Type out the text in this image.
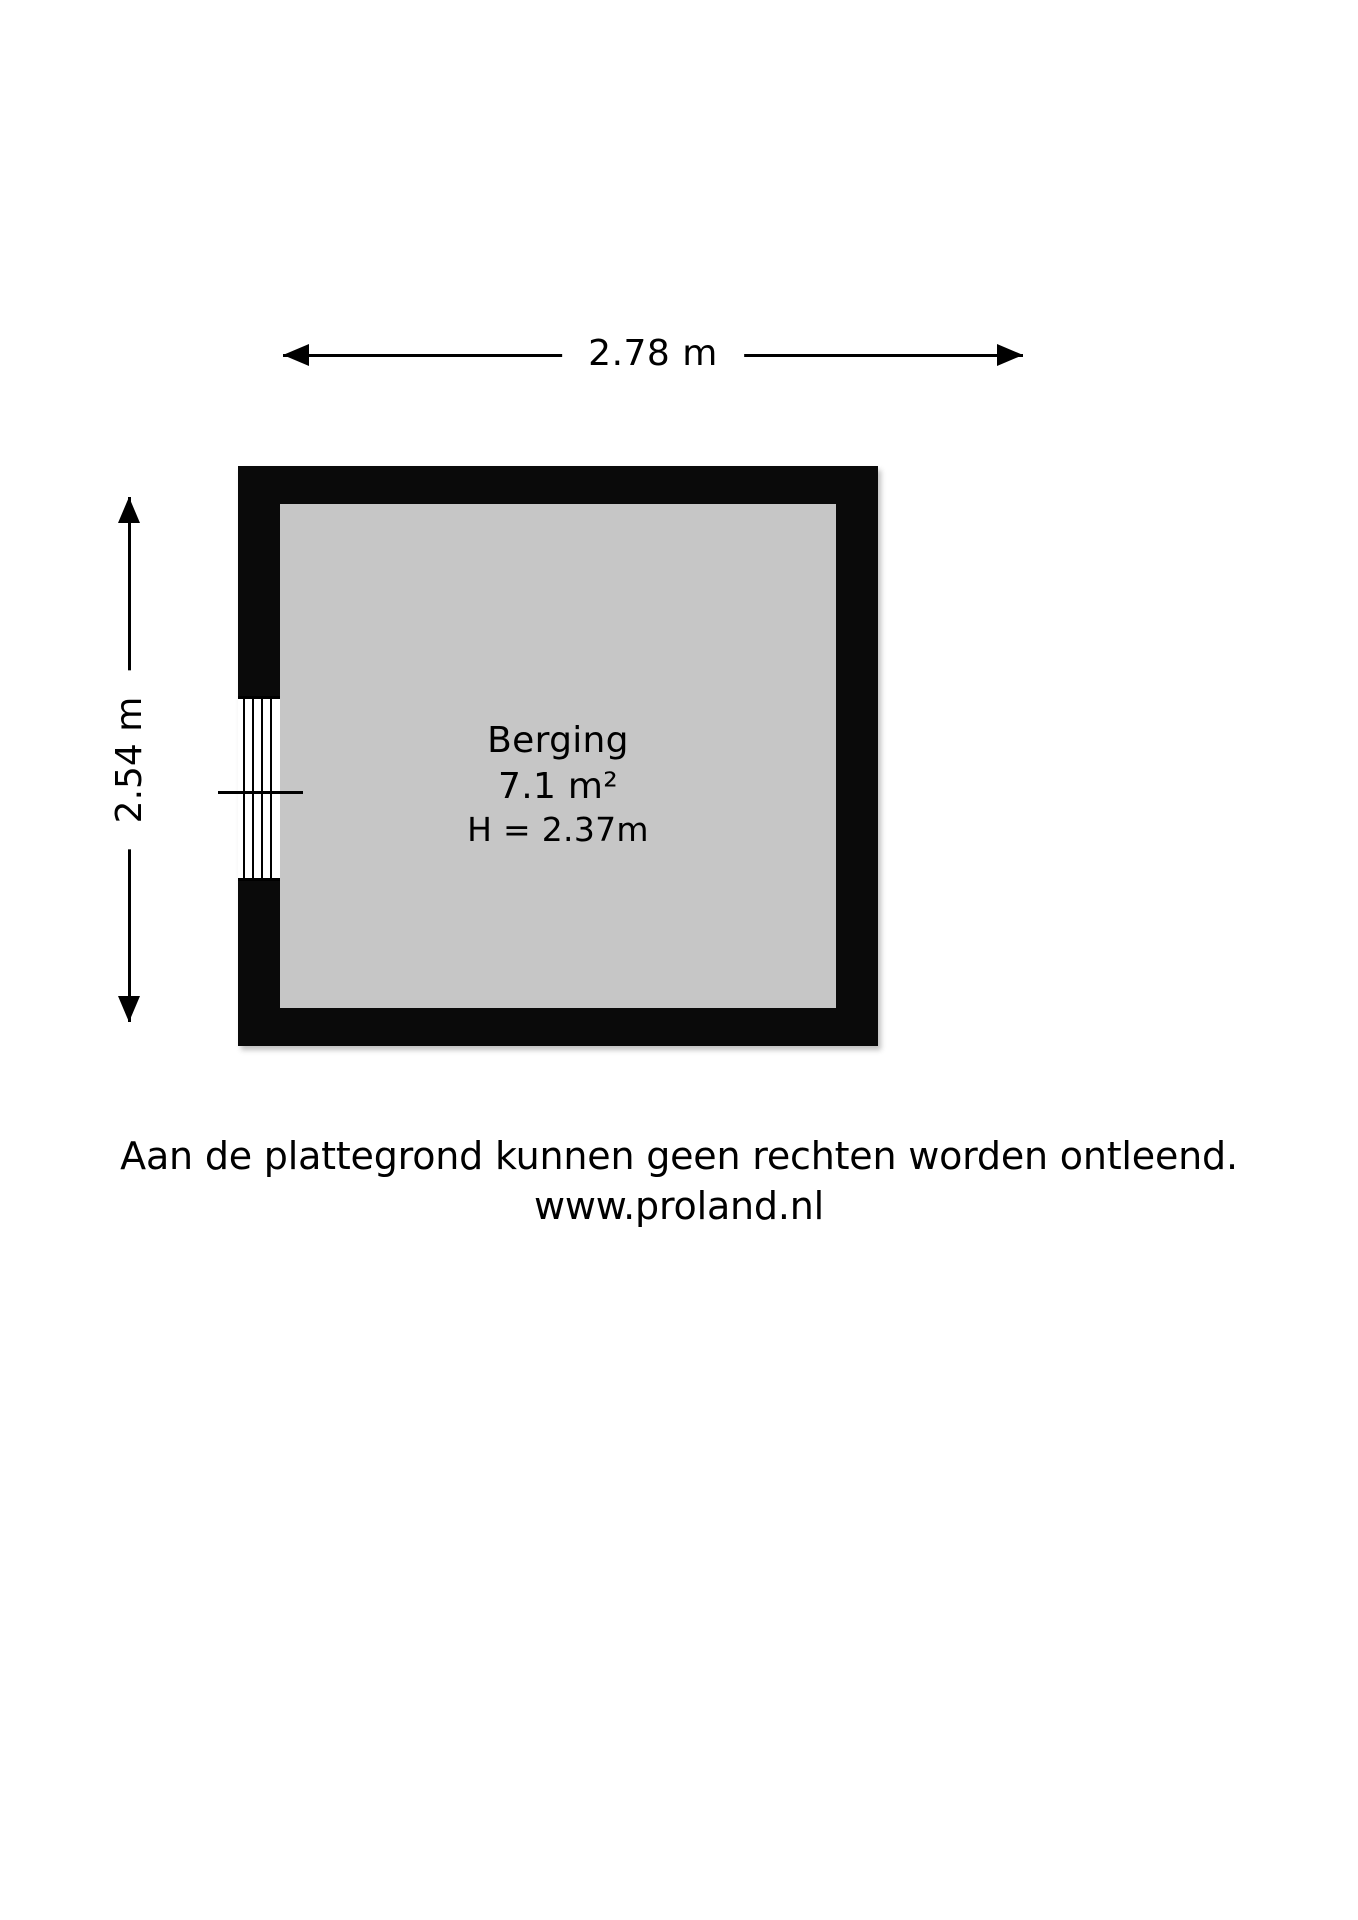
2.78 m
2.54 m	Berging
7.1 m²
H = 2.37m
Aan de plattegrond kunnen geen rechten worden ontleend.
www.proland.nl
